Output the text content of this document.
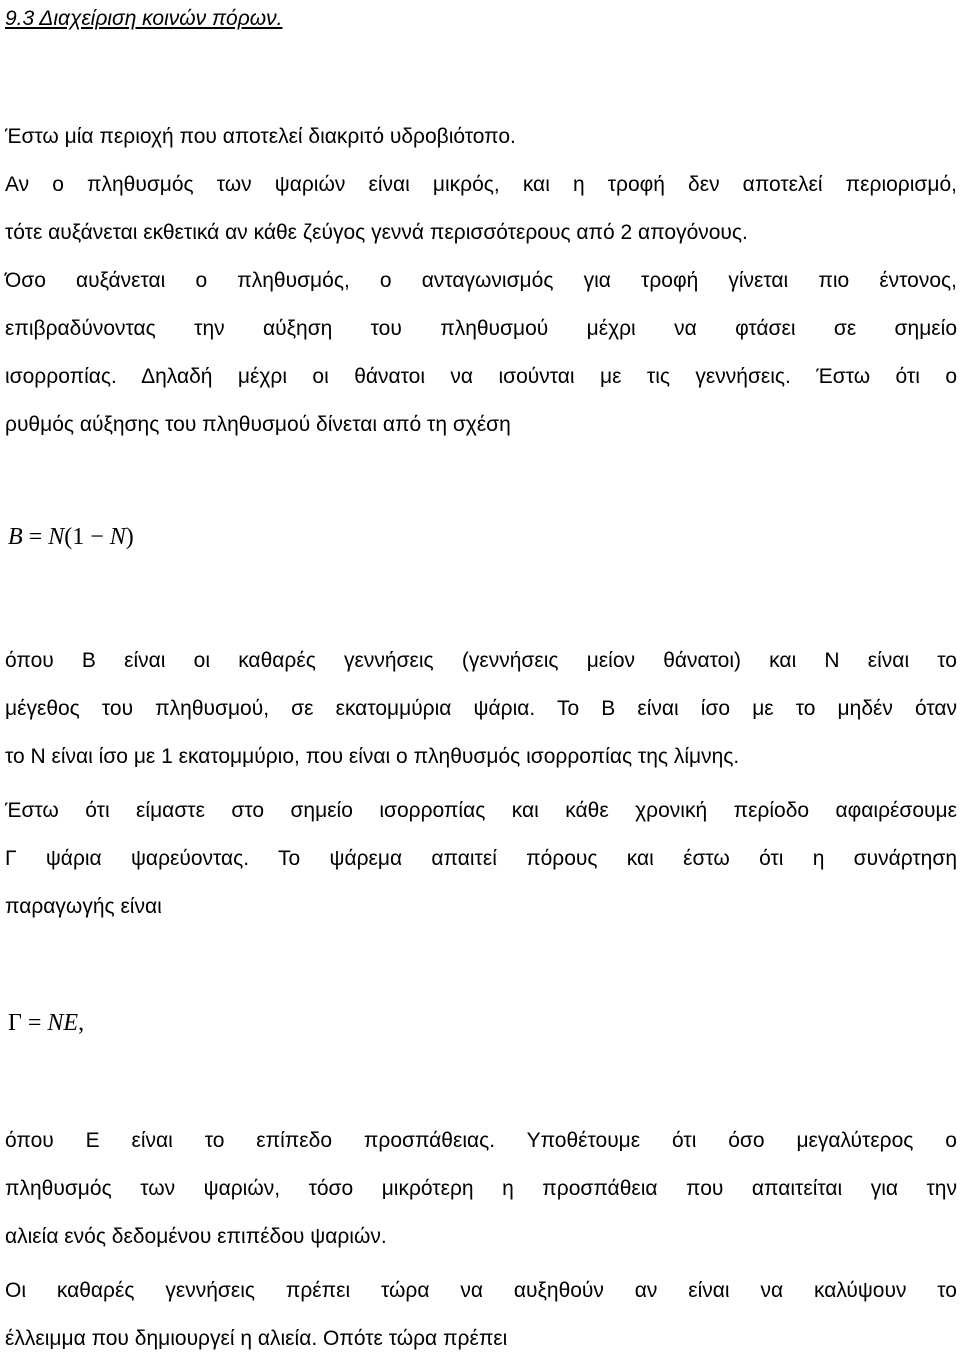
9.3 Διαχείριση κοινών πόρων.

Έστω μία περιοχή που αποτελεί διακριτό υδροβιότοπο.

Αν ο πληθυσμός των ψαριών είναι μικρός, και η τροφή δεν αποτελεί περιορισμό,

τότε αυξάνεται εκθετικά αν κάθε ζεύγος γεννά περισσότερους από 2 απογόνους.

Όσο αυξάνεται ο πληθυσμός, ο ανταγωνισμός για τροφή γίνεται πιο έντονος,

επιβραδύνοντας την αύξηση του πληθυσμού μέχρι να φτάσει σε σημείο

ισορροπίας. Δηλαδή μέχρι οι θάνατοι να ισούνται με τις γεννήσεις. Έστω ότι ο

ρυθμός αύξησης του πληθυσμού δίνεται από τη σχέση

B = N(1 − N)

όπου B είναι οι καθαρές γεννήσεις (γεννήσεις μείον θάνατοι) και N είναι το

μέγεθος του πληθυσμού, σε εκατομμύρια ψάρια. Το B είναι ίσο με το μηδέν όταν

το N είναι ίσο με 1 εκατομμύριο, που είναι ο πληθυσμός ισορροπίας της λίμνης.

Έστω ότι είμαστε στο σημείο ισορροπίας και κάθε χρονική περίοδο αφαιρέσουμε

Γ ψάρια ψαρεύοντας. Το ψάρεμα απαιτεί πόρους και έστω ότι η συνάρτηση

παραγωγής είναι

Γ = NE,

όπου E είναι το επίπεδο προσπάθειας. Υποθέτουμε ότι όσο μεγαλύτερος ο

πληθυσμός των ψαριών, τόσο μικρότερη η προσπάθεια που απαιτείται για την

αλιεία ενός δεδομένου επιπέδου ψαριών.

Οι καθαρές γεννήσεις πρέπει τώρα να αυξηθούν αν είναι να καλύψουν το

έλλειμμα που δημιουργεί η αλιεία. Οπότε τώρα πρέπει
